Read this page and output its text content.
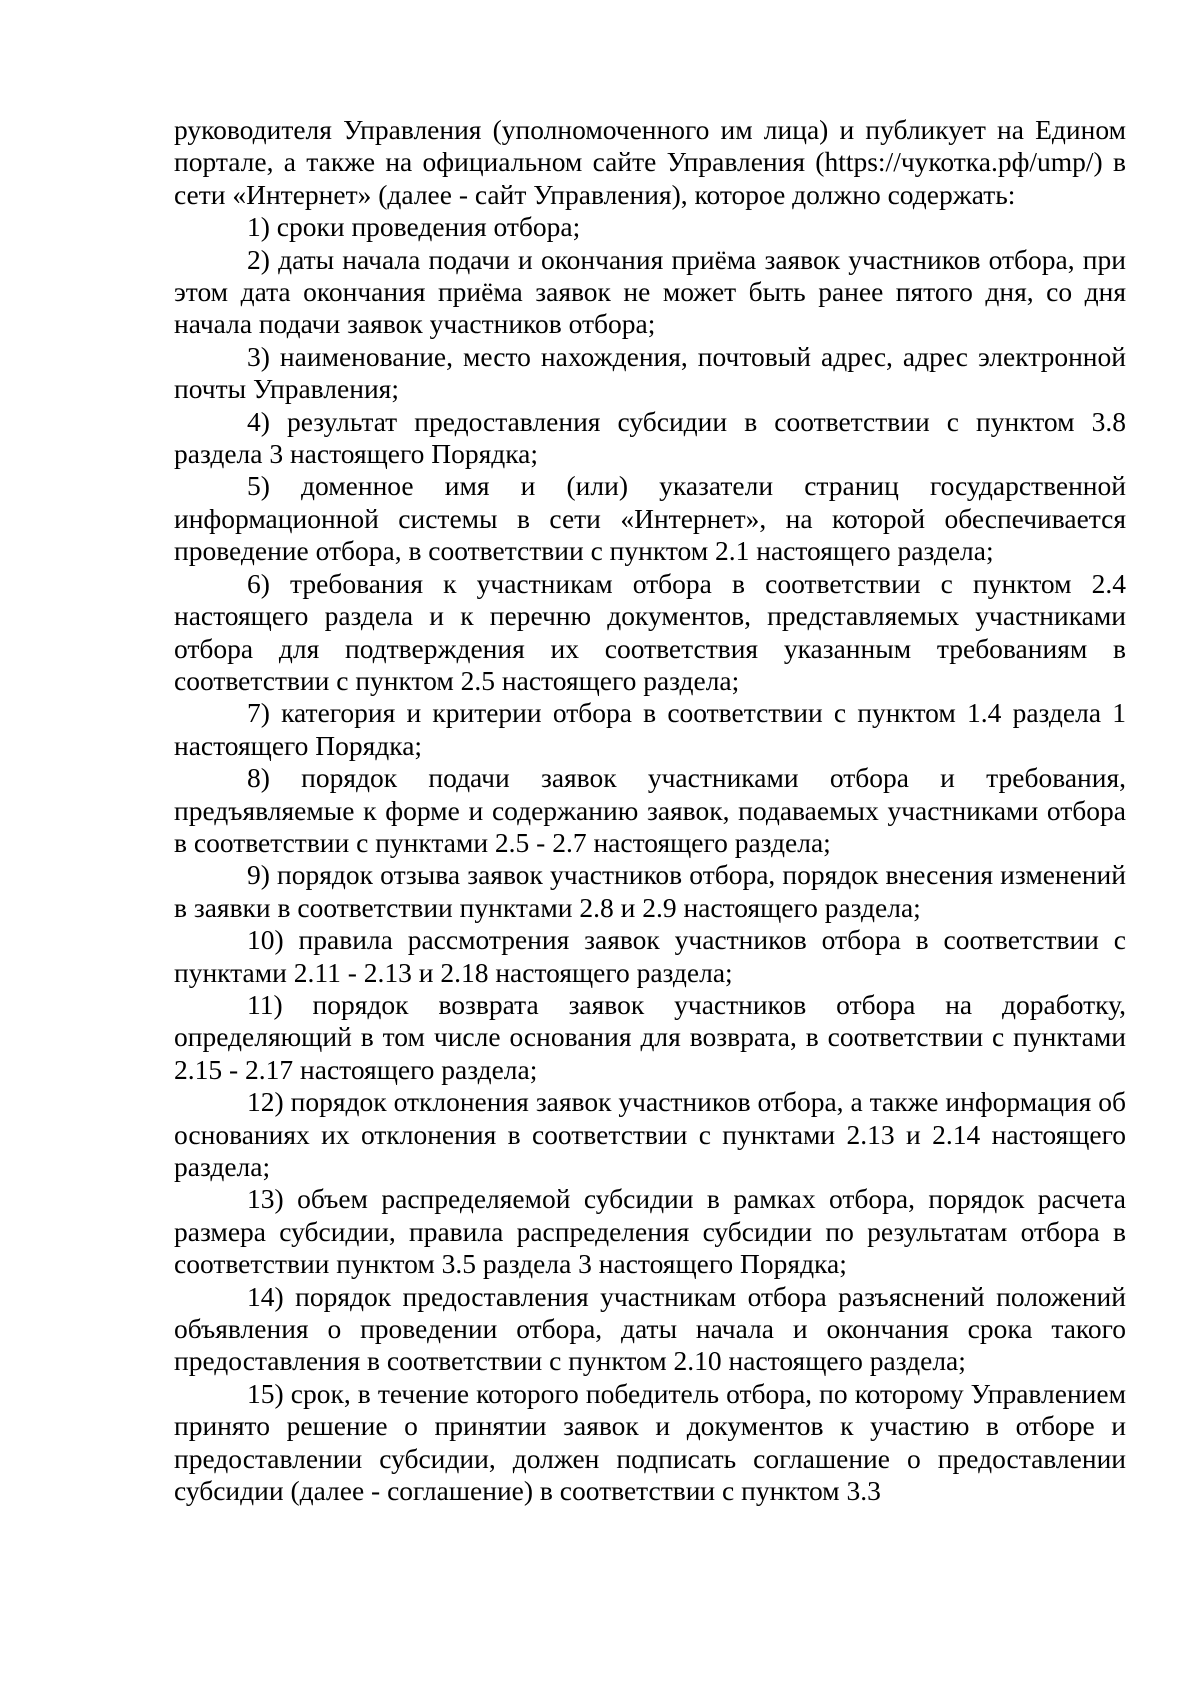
руководителя Управления (уполномоченного им лица) и публикует на Едином портале, а также на официальном сайте Управления (https://чукотка.рф/ump/) в сети «Интернет» (далее - сайт Управления), которое должно содержать:

1) сроки проведения отбора;

2) даты начала подачи и окончания приёма заявок участников отбора, при этом дата окончания приёма заявок не может быть ранее пятого дня, со дня начала подачи заявок участников отбора;

3) наименование, место нахождения, почтовый адрес, адрес электронной почты Управления;

4) результат предоставления субсидии в соответствии с пунктом 3.8 раздела 3 настоящего Порядка;

5) доменное имя и (или) указатели страниц государственной информационной системы в сети «Интернет», на которой обеспечивается проведение отбора, в соответствии с пунктом 2.1 настоящего раздела;

6) требования к участникам отбора в соответствии с пунктом 2.4 настоящего раздела и к перечню документов, представляемых участниками отбора для подтверждения их соответствия указанным требованиям в соответствии с пунктом 2.5 настоящего раздела;

7) категория и критерии отбора в соответствии с пунктом 1.4 раздела 1 настоящего Порядка;

8) порядок подачи заявок участниками отбора и требования, предъявляемые к форме и содержанию заявок, подаваемых участниками отбора в соответствии с пунктами 2.5 - 2.7 настоящего раздела;

9) порядок отзыва заявок участников отбора, порядок внесения изменений в заявки в соответствии пунктами 2.8 и 2.9 настоящего раздела;

10) правила рассмотрения заявок участников отбора в соответствии с пунктами 2.11 - 2.13 и 2.18 настоящего раздела;

11) порядок возврата заявок участников отбора на доработку, определяющий в том числе основания для возврата, в соответствии с пунктами 2.15 - 2.17 настоящего раздела;

12) порядок отклонения заявок участников отбора, а также информация об основаниях их отклонения в соответствии с пунктами 2.13 и 2.14 настоящего раздела;

13) объем распределяемой субсидии в рамках отбора, порядок расчета размера субсидии, правила распределения субсидии по результатам отбора в соответствии пунктом 3.5 раздела 3 настоящего Порядка;

14) порядок предоставления участникам отбора разъяснений положений объявления о проведении отбора, даты начала и окончания срока такого предоставления в соответствии с пунктом 2.10 настоящего раздела;

15) срок, в течение которого победитель отбора, по которому Управлением принято решение о принятии заявок и документов к участию в отборе и предоставлении субсидии, должен подписать соглашение о предоставлении субсидии (далее - соглашение) в соответствии с пунктом 3.3
